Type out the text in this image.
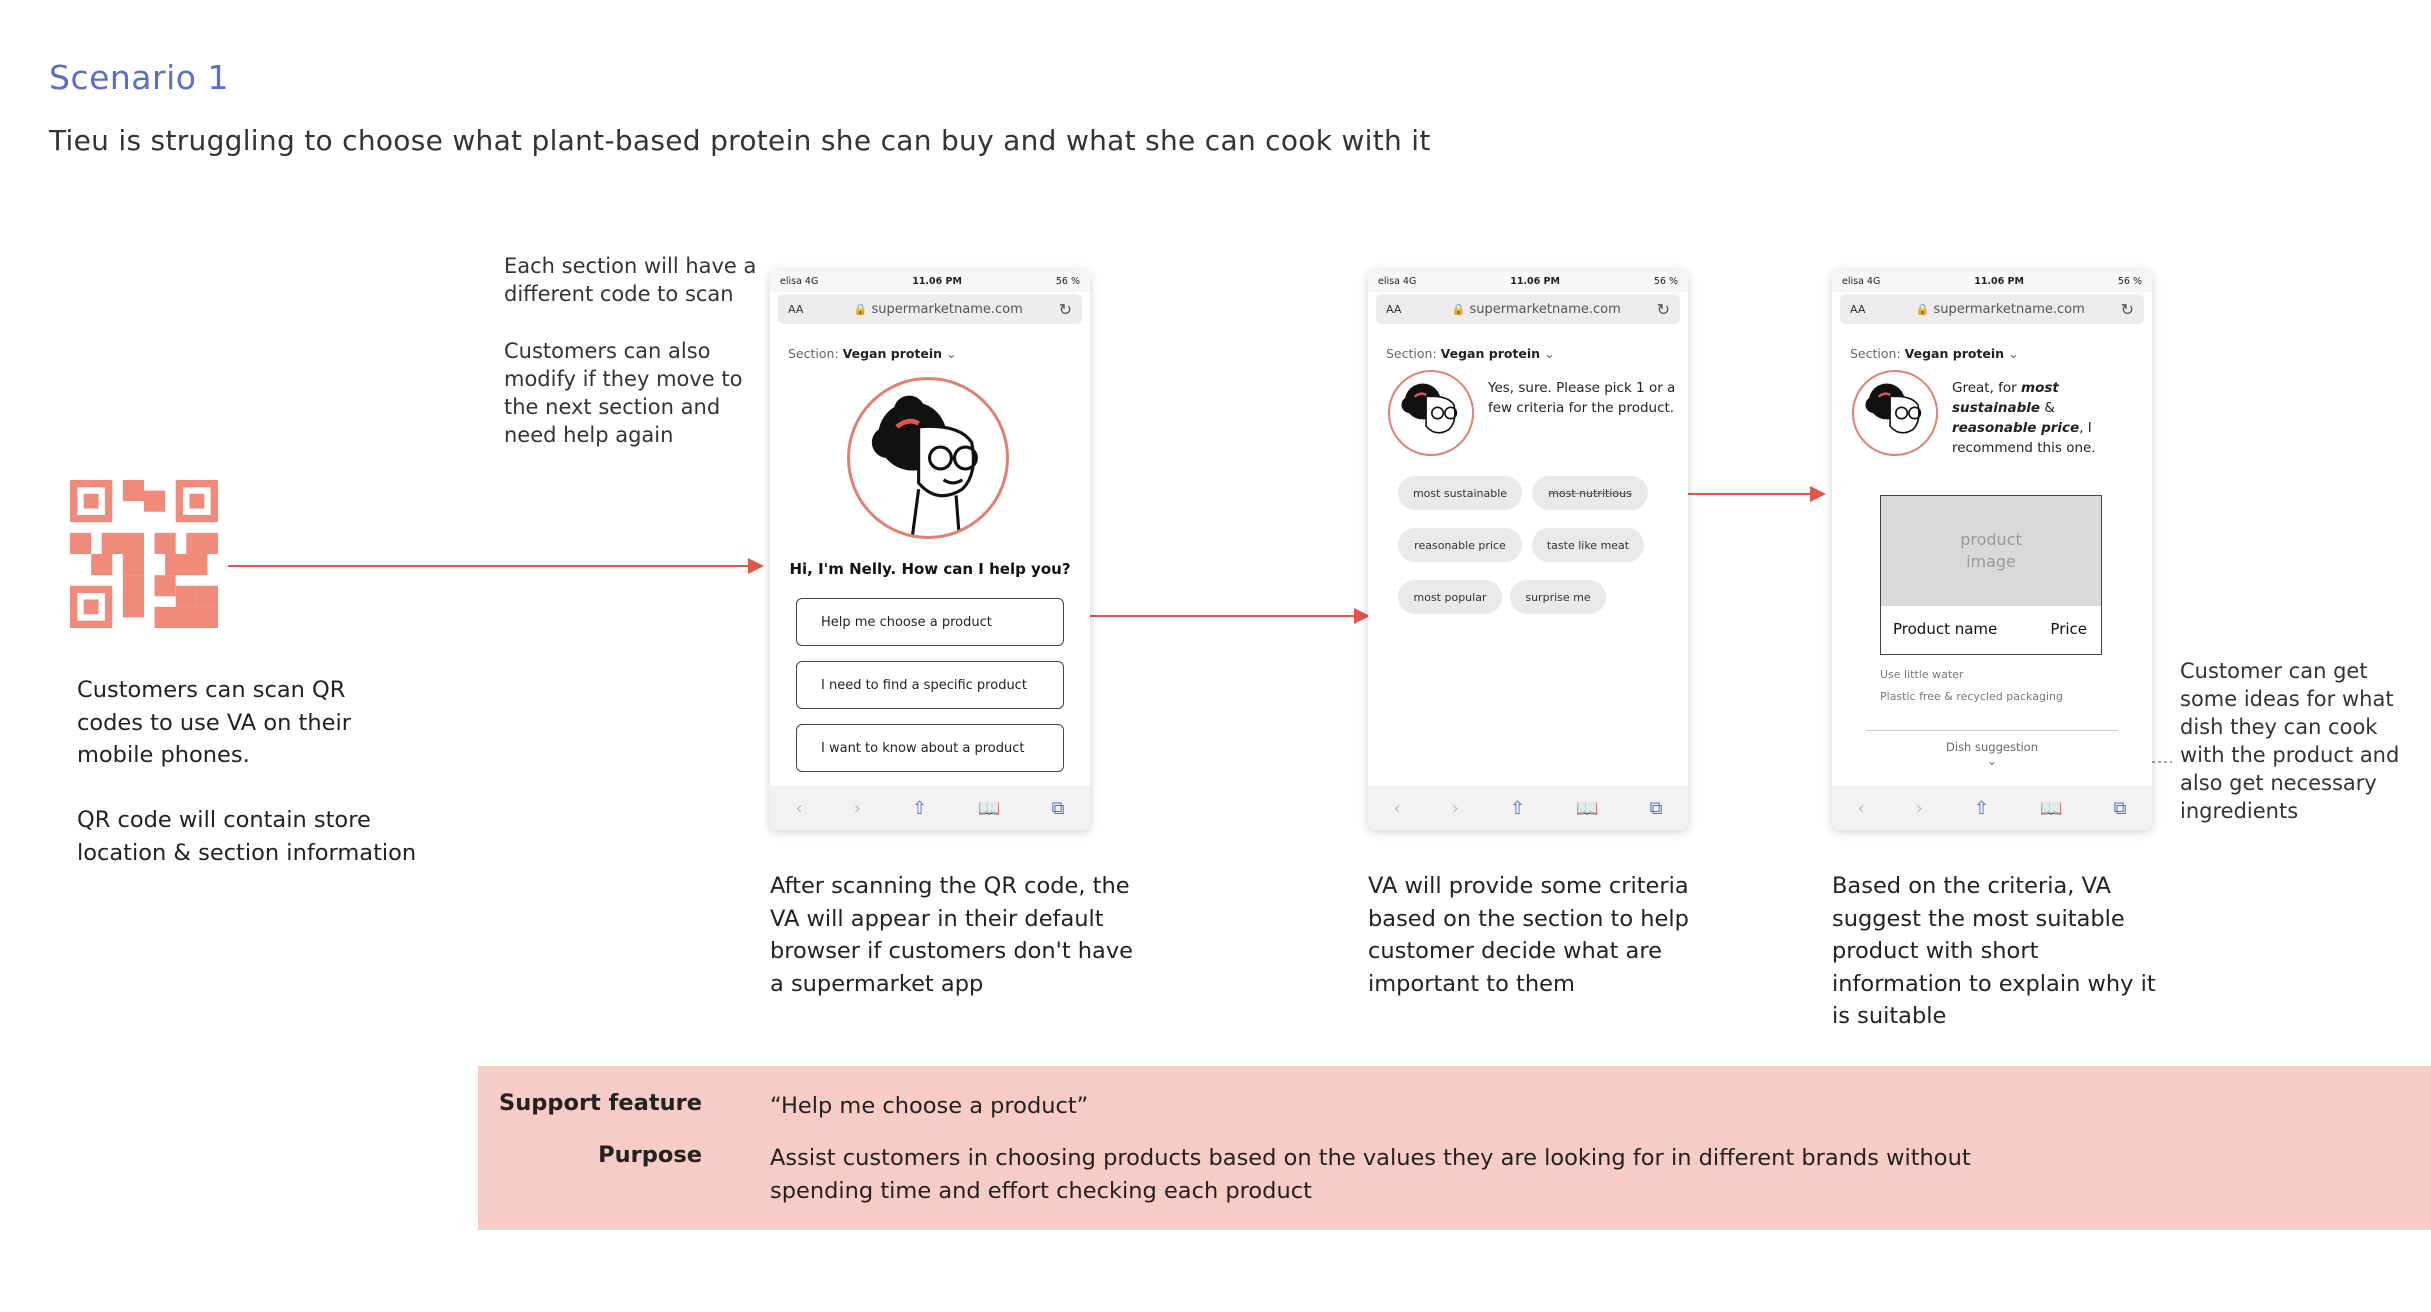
Scenario 1
Tieu is struggling to choose what plant-based protein she can buy and what she can cook with it
Each section will have a
different code to scan
Customers can also
modify if they move to
the next section and
need help again
Customer can get
some ideas for what
dish they can cook
with the product and
also get necessary
ingredients
Customers can scan QR
codes to use VA on their
mobile phones.

QR code will contain store
location & section information
elisa 4G	11.06 PM	56 %
AA	🔒 supermarketname.com	↻
Section: Vegan protein ⌄
Hi, I'm Nelly. How can I help you?
Help me choose a product
I need to find a specific product
I want to know about a product
‹	›	⇧	📖	⧉
elisa 4G	11.06 PM	56 %
AA	🔒 supermarketname.com	↻
Section: Vegan protein ⌄
Yes, sure. Please pick 1 or a few criteria for the product.
most sustainable	most nutritious
reasonable price	taste like meat
most popular	surprise me
‹	›	⇧	📖	⧉
elisa 4G	11.06 PM	56 %
AA	🔒 supermarketname.com	↻
Section: Vegan protein ⌄
Great, for most sustainable & reasonable price, I recommend this one.
product
image
Product name	Price
Use little water
Plastic free & recycled packaging
Dish suggestion
⌄
‹	›	⇧	📖	⧉
After scanning the QR code, the
VA will appear in their default
browser if customers don't have
a supermarket app
VA will provide some criteria
based on the section to help
customer decide what are
important to them
Based on the criteria, VA
suggest the most suitable
product with short
information to explain why it
is suitable
Support feature	“Help me choose a product”
Purpose	Assist customers in choosing products based on the values they are looking for in different brands without
spending time and effort checking each product
